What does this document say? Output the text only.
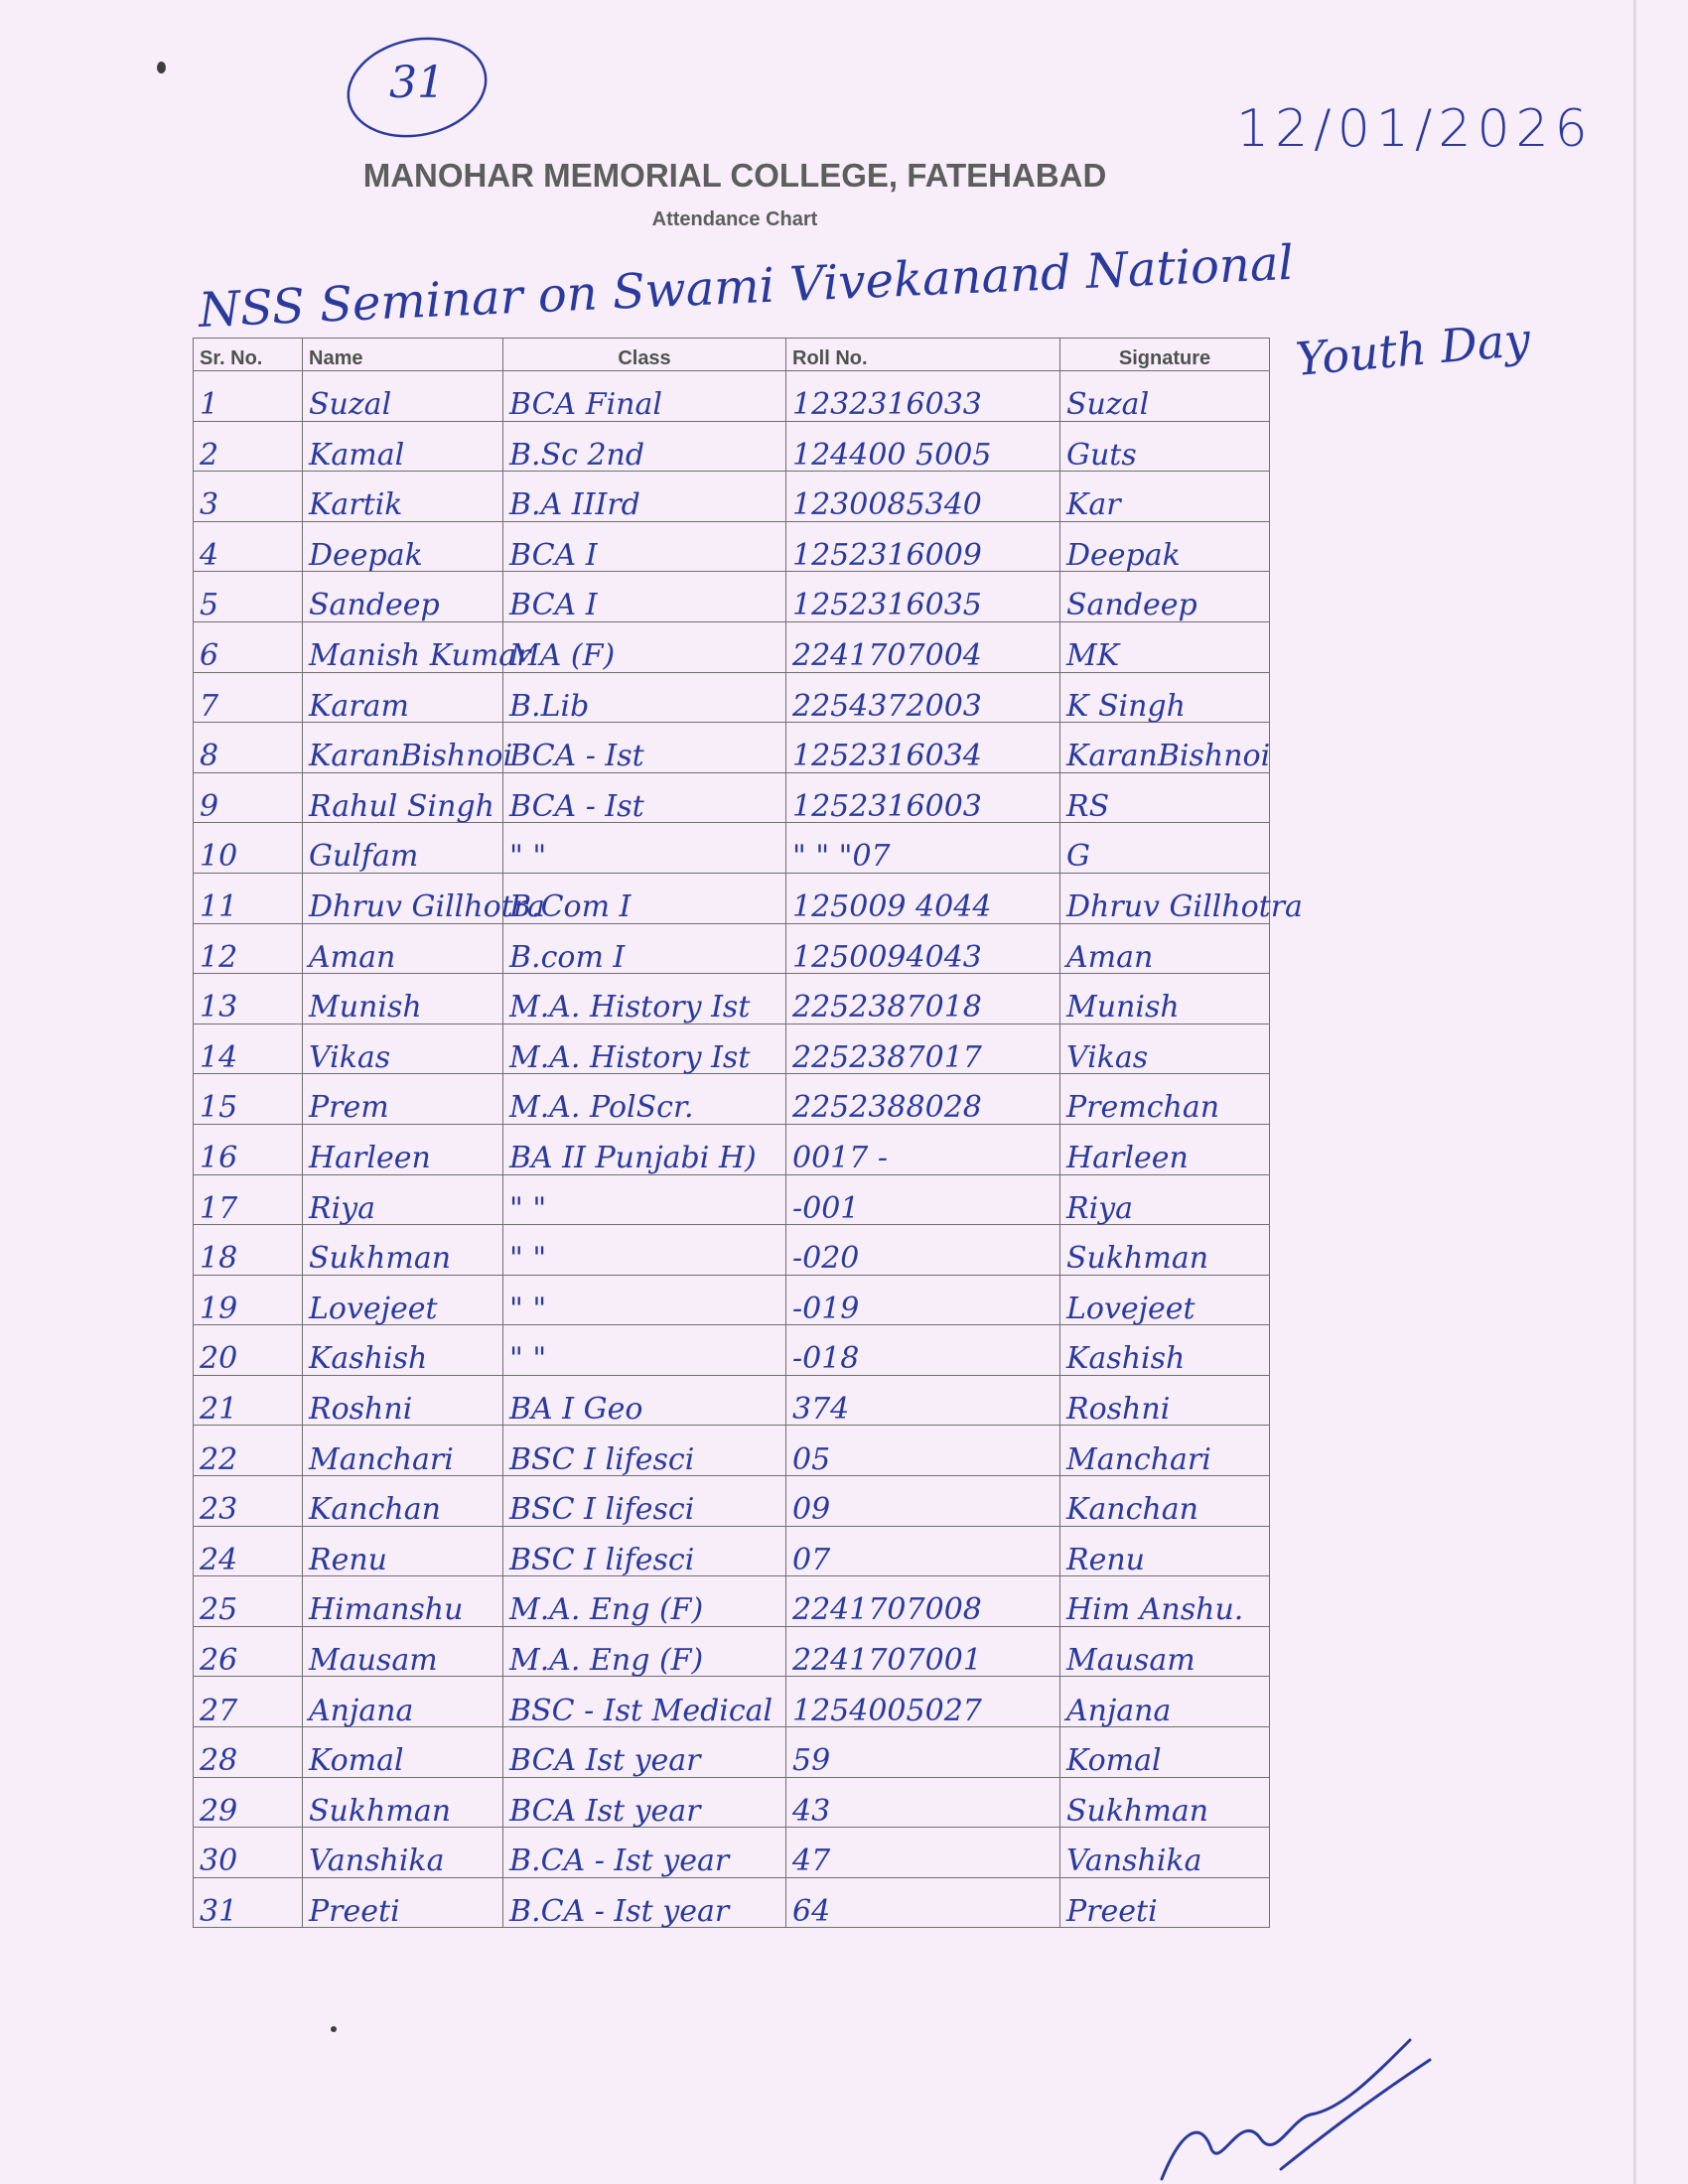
31
12/01/2026
MANOHAR MEMORIAL COLLEGE, FATEHABAD
Attendance Chart
NSS Seminar on Swami Vivekanand National
Youth Day
Sr. No.	Name	Class	Roll No.	Signature
1	Suzal	BCA Final	1232316033	Suzal
2	Kamal	B.Sc 2nd	124400 5005	Guts
3	Kartik	B.A IIIrd	1230085340	Kar
4	Deepak	BCA I	1252316009	Deepak
5	Sandeep	BCA I	1252316035	Sandeep
6	Manish Kumar	MA (F)	2241707004	MK
7	Karam	B.Lib	2254372003	K Singh
8	KaranBishnoi	BCA - Ist	1252316034	KaranBishnoi
9	Rahul Singh	BCA - Ist	1252316003	RS
10	Gulfam	" "	" " "07	G
11	Dhruv Gillhotra	B.Com I	125009 4044	Dhruv Gillhotra
12	Aman	B.com I	1250094043	Aman
13	Munish	M.A. History Ist	2252387018	Munish
14	Vikas	M.A. History Ist	2252387017	Vikas
15	Prem	M.A. PolScr.	2252388028	Premchan
16	Harleen	BA II Punjabi H)	0017 -	Harleen
17	Riya	" "	-001	Riya
18	Sukhman	" "	-020	Sukhman
19	Lovejeet	" "	-019	Lovejeet
20	Kashish	" "	-018	Kashish
21	Roshni	BA I Geo	374	Roshni
22	Manchari	BSC I lifesci	05	Manchari
23	Kanchan	BSC I lifesci	09	Kanchan
24	Renu	BSC I lifesci	07	Renu
25	Himanshu	M.A. Eng (F)	2241707008	Him Anshu.
26	Mausam	M.A. Eng (F)	2241707001	Mausam
27	Anjana	BSC - Ist Medical	1254005027	Anjana
28	Komal	BCA Ist year	59	Komal
29	Sukhman	BCA Ist year	43	Sukhman
30	Vanshika	B.CA - Ist year	47	Vanshika
31	Preeti	B.CA - Ist year	64	Preeti
